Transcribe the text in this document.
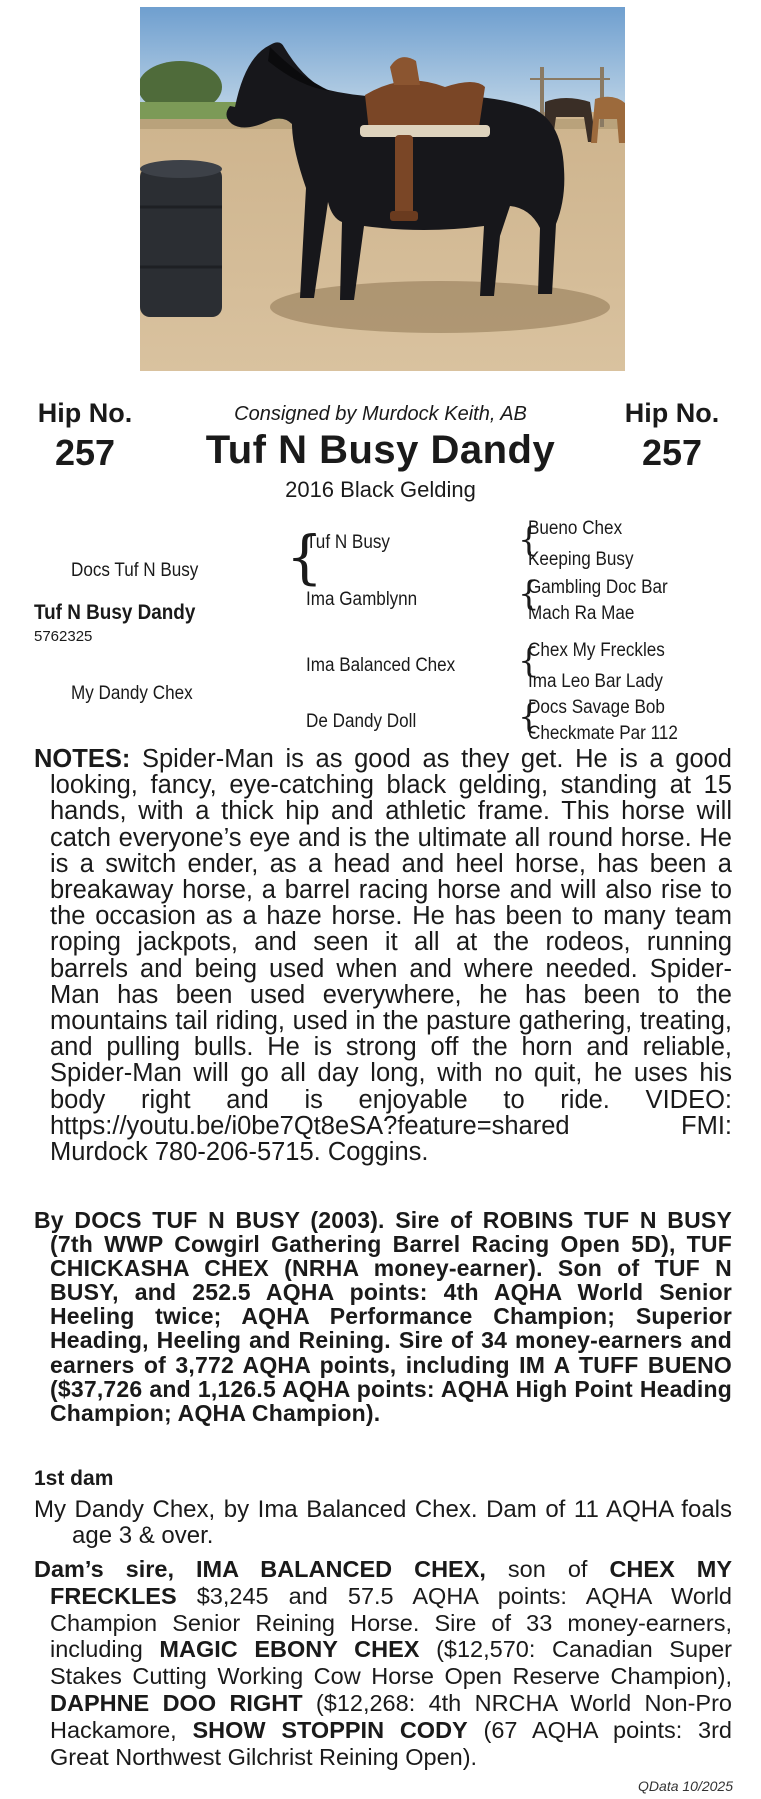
Hip No.
257
Hip No.
257
Consigned by Murdock Keith, AB
Tuf N Busy Dandy
2016 Black Gelding
Docs Tuf N Busy
Tuf N Busy Dandy
5762325
My Dandy Chex
{
Tuf N Busy
Ima Gamblynn
Ima Balanced Chex
De Dandy Doll
{
{
{
{
Bueno Chex
Keeping Busy
Gambling Doc Bar
Mach Ra Mae
Chex My Freckles
Ima Leo Bar Lady
Docs Savage Bob
Checkmate Par 112

NOTES: Spider-Man is as good as they get. He is a good looking, fancy, eye-catching black gelding, standing at 15 hands, with a thick hip and athletic frame. This horse will catch everyone’s eye and is the ultimate all round horse. He is a switch ender, as a head and heel horse, has been a breakaway horse, a barrel racing horse and will also rise to the occasion as a haze horse. He has been to many team roping jackpots, and seen it all at the rodeos, running barrels and being used when and where needed. Spider-Man has been used everywhere, he has been to the mountains tail riding, used in the pasture gathering, treating, and pulling bulls. He is strong off the horn and reliable, Spider-Man will go all day long, with no quit, he uses his body right and is enjoyable to ride. VIDEO: https://youtu.be/i0be7Qt8eSA?feature=shared FMI: Murdock 780-206-5715. Coggins.

By DOCS TUF N BUSY (2003). Sire of ROBINS TUF N BUSY (7th WWP Cowgirl Gathering Barrel Racing Open 5D), TUF CHICKASHA CHEX (NRHA money-earner). Son of TUF N BUSY, and 252.5 AQHA points: 4th AQHA World Senior Heeling twice; AQHA Performance Champion; Superior Heading, Heeling and Reining. Sire of 34 money-earners and earners of 3,772 AQHA points, including IM A TUFF BUENO ($37,726 and 1,126.5 AQHA points: AQHA High Point Heading Champion; AQHA Champion).

1st dam

My Dandy Chex, by Ima Balanced Chex. Dam of 11 AQHA foals age 3 & over.

Dam’s sire, IMA BALANCED CHEX, son of CHEX MY FRECKLES $3,245 and 57.5 AQHA points: AQHA World Champion Senior Reining Horse. Sire of 33 money-earners, including MAGIC EBONY CHEX ($12,570: Canadian Super Stakes Cutting Working Cow Horse Open Reserve Champion), DAPHNE DOO RIGHT ($12,268: 4th NRCHA World Non-Pro Hackamore, SHOW STOPPIN CODY (67 AQHA points: 3rd Great Northwest Gilchrist Reining Open).

QData 10/2025
